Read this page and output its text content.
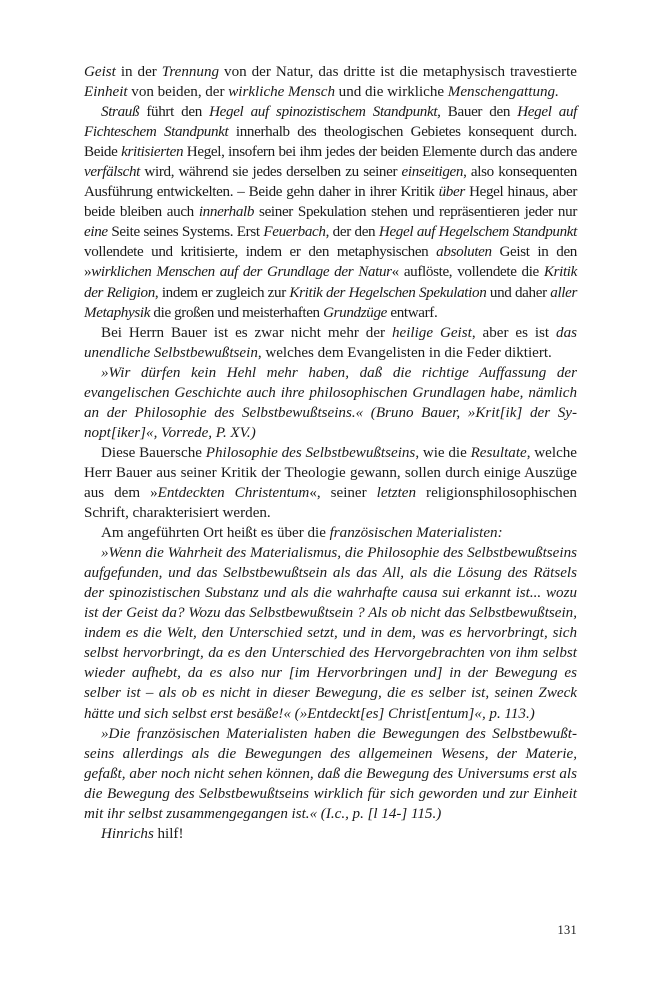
Geist in der Trennung von der Natur, das dritte ist die metaphysisch travestierte Einheit von beiden, der wirkliche Mensch und die wirkliche Menschengattung.

Strauß führt den Hegel auf spinozistischem Standpunkt, Bauer den Hegel auf Fichteschem Standpunkt innerhalb des theologischen Gebietes konsequent durch. Beide kritisierten Hegel, insofern bei ihm jedes der beiden Elemente durch das andere verfälscht wird, während sie jedes derselben zu seiner einseitigen, also konsequenten Ausführung entwickelten. – Beide gehn daher in ihrer Kritik über Hegel hinaus, aber beide bleiben auch innerhalb seiner Spekulation stehen und repräsentieren jeder nur eine Seite seines Systems. Erst Feuerbach, der den Hegel auf Hegelschem Standpunkt vollendete und kritisierte, indem er den metaphysischen absoluten Geist in den »wirklichen Menschen auf der Grundlage der Natur« auflöste, vollendete die Kritik der Religion, indem er zugleich zur Kritik der Hegelschen Spekulation und daher aller Metaphysik die großen und meisterhaften Grundzüge entwarf.

Bei Herrn Bauer ist es zwar nicht mehr der heilige Geist, aber es ist das unendliche Selbstbewußtsein, welches dem Evangelisten in die Feder diktiert.

»Wir dürfen kein Hehl mehr haben, daß die richtige Auffassung der evangelischen Geschichte auch ihre philosophischen Grundlagen habe, nämlich an der Philosophie des Selbstbewußtseins.« (Bruno Bauer, »Krit[ik] der Synopt[iker]«, Vorrede, P. XV.)

Diese Bauersche Philosophie des Selbstbewußtseins, wie die Resultate, welche Herr Bauer aus seiner Kritik der Theologie gewann, sollen durch einige Auszüge aus dem »Entdeckten Christentum«, seiner letzten religionsphilosophischen Schrift, charakterisiert werden.

Am angeführten Ort heißt es über die französischen Materialisten:

»Wenn die Wahrheit des Materialismus, die Philosophie des Selbstbewußtseins aufgefunden, und das Selbstbewußtsein als das All, als die Lösung des Rätsels der spinozistischen Substanz und als die wahrhafte causa sui erkannt ist... wozu ist der Geist da? Wozu das Selbstbewußtsein ? Als ob nicht das Selbstbewußtsein, indem es die Welt, den Unterschied setzt, und in dem, was es hervorbringt, sich selbst hervorbringt, da es den Unterschied des Hervorgebrachten von ihm selbst wieder aufhebt, da es also nur [im Hervorbringen und] in der Bewegung es selber ist – als ob es nicht in dieser Bewegung, die es selber ist, seinen Zweck hätte und sich selbst erst besäße!« (»Entdeckt[es] Christ[entum]«, p. 113.)

»Die französischen Materialisten haben die Bewegungen des Selbstbewußtseins allerdings als die Bewegungen des allgemeinen Wesens, der Materie, gefaßt, aber noch nicht sehen können, daß die Bewegung des Universums erst als die Bewegung des Selbstbewußtseins wirklich für sich geworden und zur Einheit mit ihr selbst zusammengegangen ist.« (I.c., p. [l 14-] 115.)

Hinrichs hilf!

131
